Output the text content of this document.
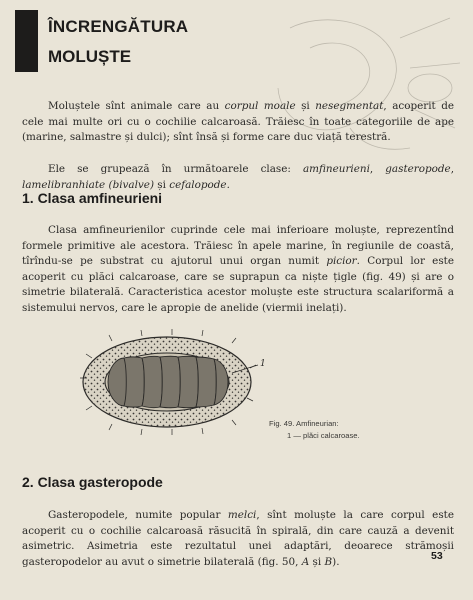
ÎNCRENGĂTURA
MOLUȘTE

Moluștele sînt animale care au corpul moale și nesegmentat, acoperit de cele mai multe ori cu o cochilie calcaroasă. Trăiesc în toate categoriile de ape (marine, salmastre și dulci); sînt însă și forme care duc viață terestră.

Ele se grupează în următoarele clase: amfineurieni, gasteropode, lamelibranhiate (bivalve) și cefalopode.

1. Clasa amfineurieni

Clasa amfineurienilor cuprinde cele mai inferioare moluște, reprezentînd formele primitive ale acestora. Trăiesc în apele marine, în regiunile de coastă, tîrîndu-se pe substrat cu ajutorul unui organ numit picior. Corpul lor este acoperit cu plăci calcaroase, care se suprapun ca niște țigle (fig. 49) și are o simetrie bilaterală. Caracteristica acestor moluște este structura scalariformă a sistemului nervos, care le apropie de anelide (viermii inelați).

1
Fig. 49. Amfineurian:
1 — plăci calcaroase.
2. Clasa gasteropode

Gasteropodele, numite popular melci, sînt moluște la care corpul este acoperit cu o cochilie calcaroasă răsucită în spirală, din care cauză a devenit asimetric. Asimetria este rezultatul unei adaptări, deoarece strămoșii gasteropodelor au avut o simetrie bilaterală (fig. 50, A și B).	53
